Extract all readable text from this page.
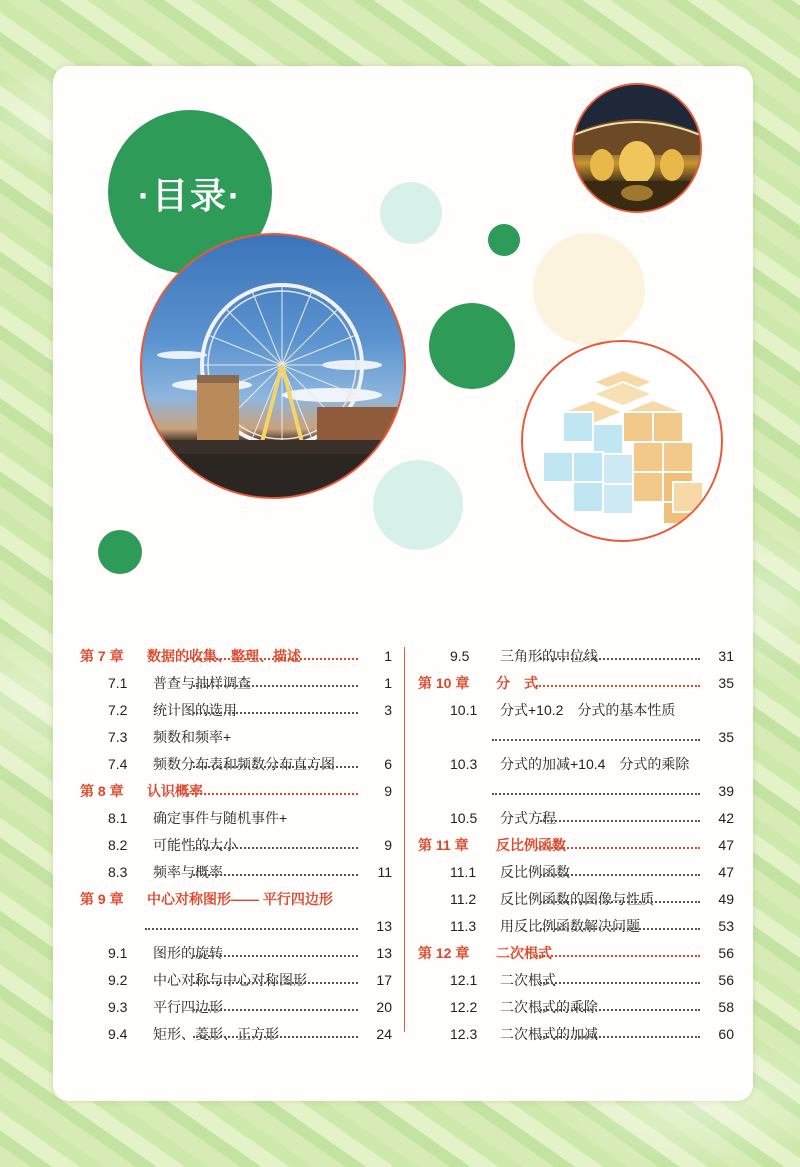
·目录·
第 7 章 数据的收集、整理、描述	1
7.1 普查与抽样调查	1
7.2 统计图的选用	3
7.3 频数和频率+
7.4 频数分布表和频数分布直方图	6
第 8 章 认识概率	9
8.1 确定事件与随机事件+
8.2 可能性的大小	9
8.3 频率与概率	11
第 9 章 中心对称图形—— 平行四边形
13
9.1 图形的旋转	13
9.2 中心对称与中心对称图形	17
9.3 平行四边形	20
9.4 矩形、菱形、正方形	24
9.5 三角形的中位线	31
第 10 章 分　式	35
10.1 分式+10.2　分式的基本性质
35
10.3 分式的加减+10.4　分式的乘除
39
10.5 分式方程	42
第 11 章 反比例函数	47
11.1 反比例函数	47
11.2 反比例函数的图像与性质	49
11.3 用反比例函数解决问题	53
第 12 章 二次根式	56
12.1 二次根式	56
12.2 二次根式的乘除	58
12.3 二次根式的加减	60
